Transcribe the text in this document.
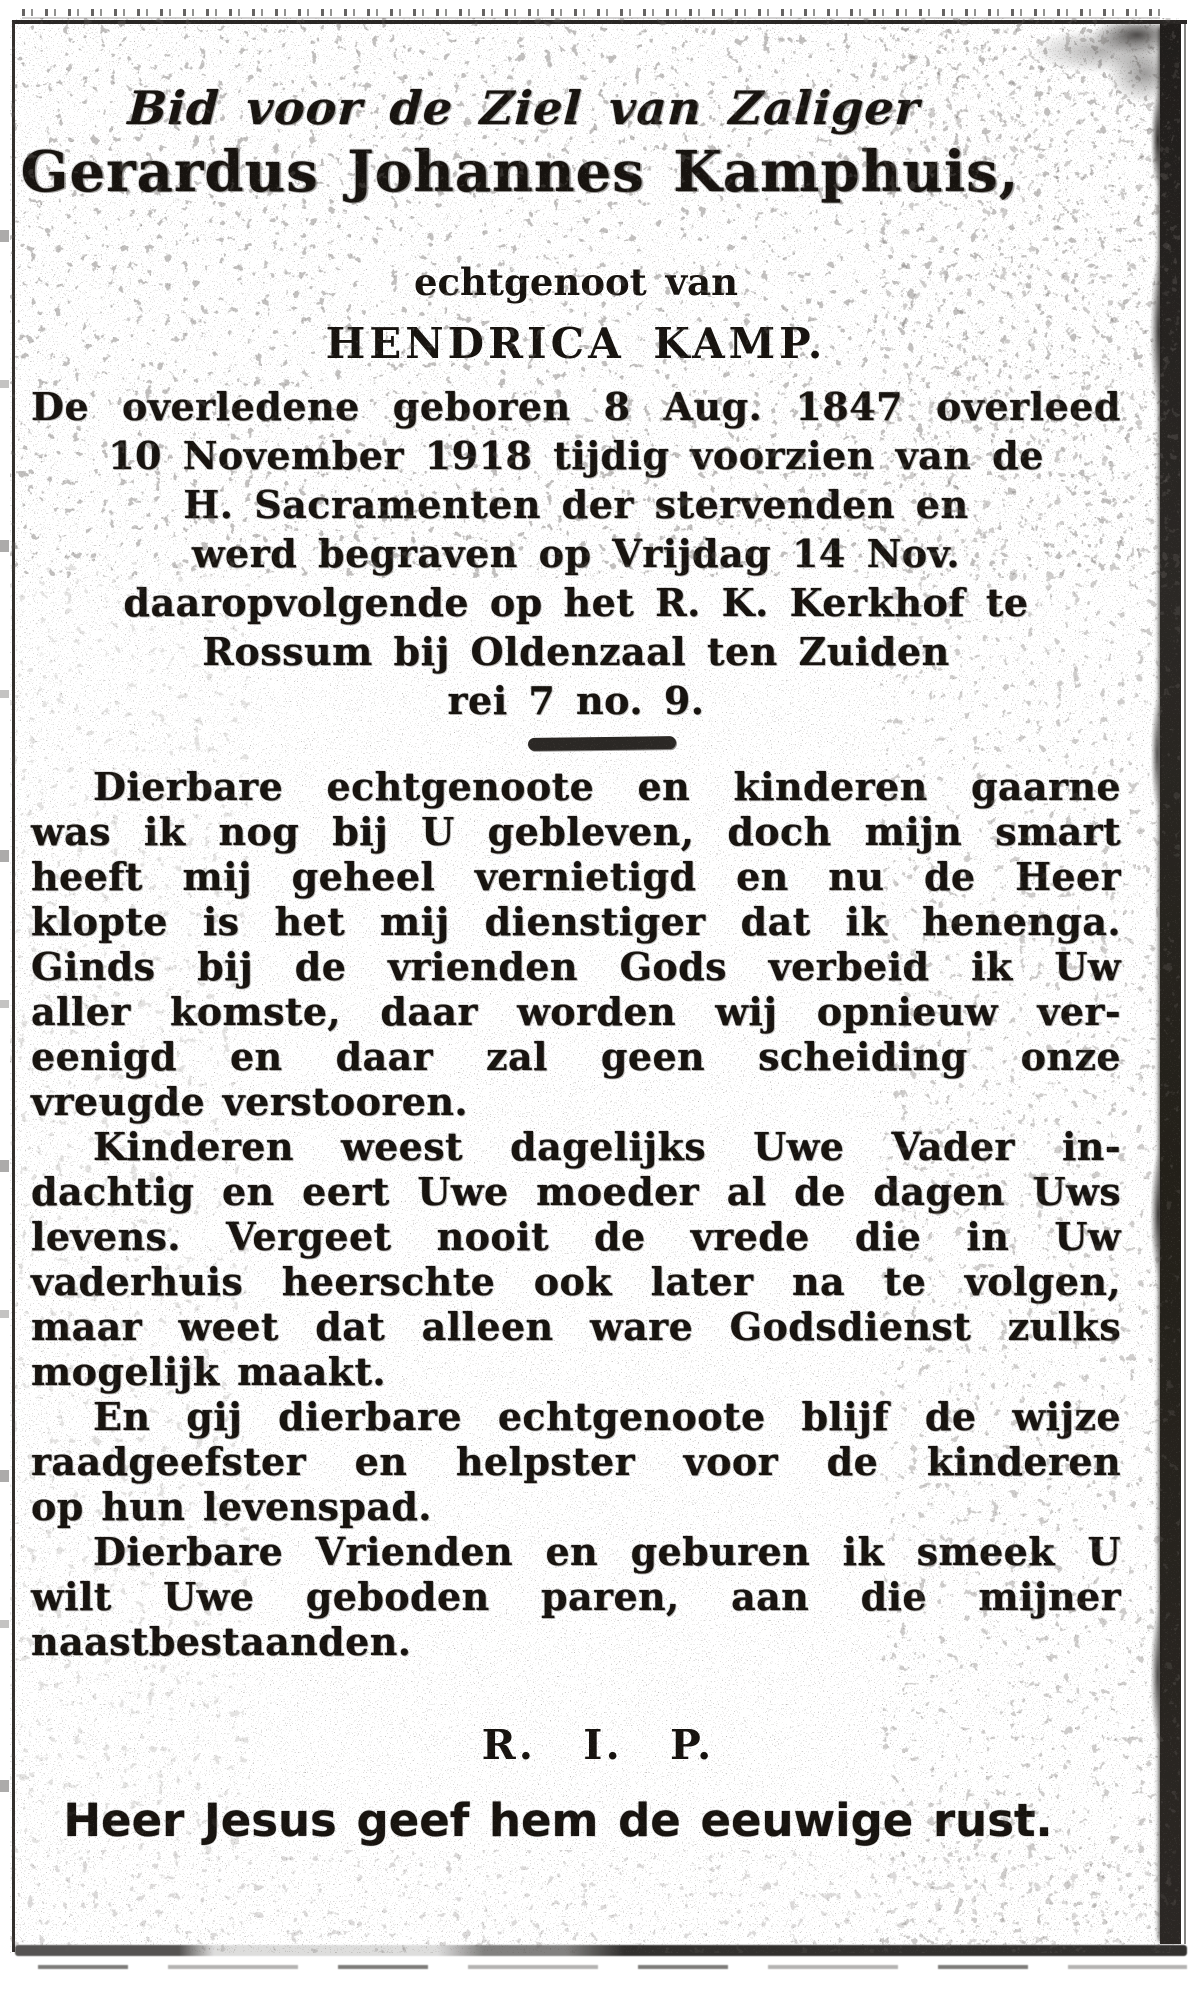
Bid voor de Ziel van Zaliger
Gerardus Johannes Kamphuis,
echtgenoot van
HENDRICA KAMP.
De overledene geboren 8 Aug. 1847 overleed
10 November 1918 tijdig voorzien van de
H. Sacramenten der stervenden en
werd begraven op Vrijdag 14 Nov.
daaropvolgende op het R. K. Kerkhof te
Rossum bij Oldenzaal ten Zuiden
rei 7 no. 9.
Dierbare echtgenoote en kinderen gaarne
was ik nog bij U gebleven, doch mijn smart
heeft mij geheel vernietigd en nu de Heer
klopte is het mij dienstiger dat ik henenga.
Ginds bij de vrienden Gods verbeid ik Uw
aller komste, daar worden wij opnieuw ver-
eenigd en daar zal geen scheiding onze
vreugde verstooren.
Kinderen weest dagelijks Uwe Vader in-
dachtig en eert Uwe moeder al de dagen Uws
levens. Vergeet nooit de vrede die in Uw
vaderhuis heerschte ook later na te volgen,
maar weet dat alleen ware Godsdienst zulks
mogelijk maakt.
En gij dierbare echtgenoote blijf de wijze
raadgeefster en helpster voor de kinderen
op hun levenspad.
Dierbare Vrienden en geburen ik smeek U
wilt Uwe geboden paren, aan die mijner
naastbestaanden.
R. I. P.
Heer Jesus geef hem de eeuwige rust.
